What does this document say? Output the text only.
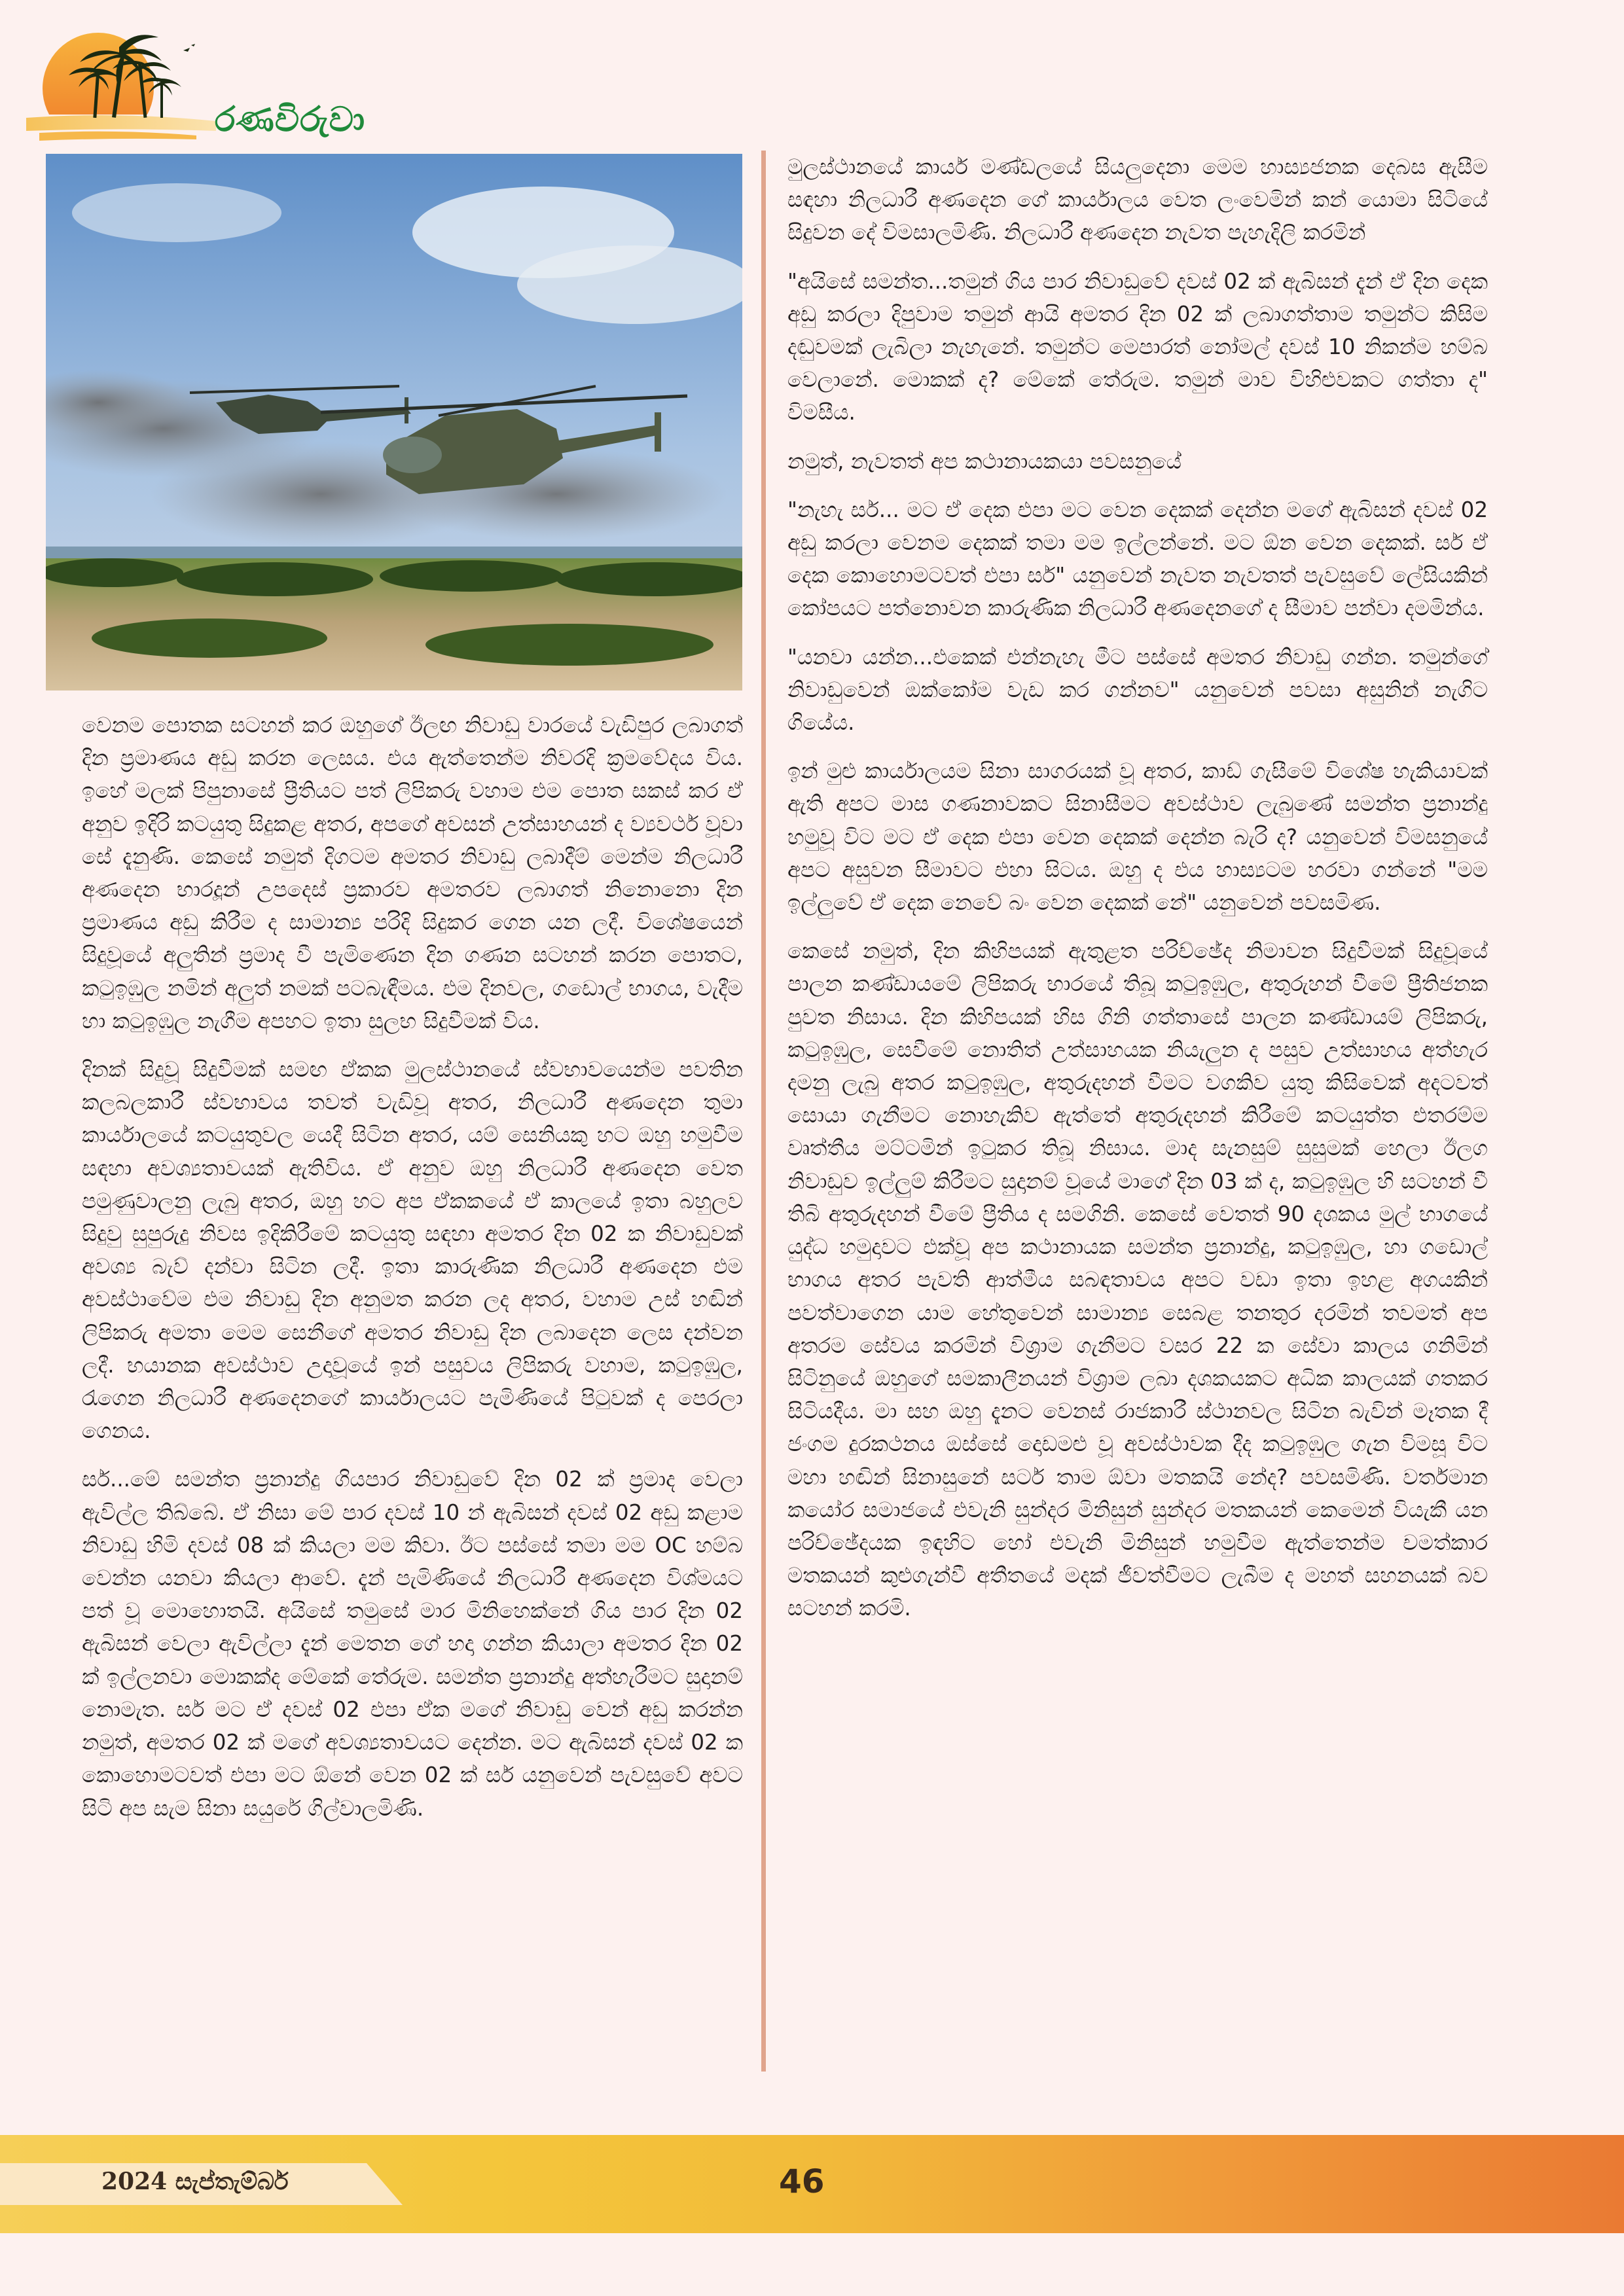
රණවිරුවා

වෙනම පොතක සටහන් කර ඔහුගේ ඊලඟ නිවාඩු වාරයේ වැඩිපුර ලබාගත් දින ප්‍රමාණය අඩු කරන ලෙසය. එය ඇත්තෙන්ම නිවරදි ක්‍රමවේදය විය. ඉහේ මලක් පිපුනාසේ ප්‍රීතියට පත් ලිපිකරු වහාම එම පොත සකස් කර ඒ අනුව ඉදිරි කටයුතු සිදුකළ අතර, අපගේ අවසන් උත්සාහයන් ද ව්‍යවර්ථ වූවා සේ දැනුණි. කෙසේ නමුත් දිගටම අමතර නිවාඩු ලබාදීම් මෙන්ම නිලධාරී අණදෙන භාරදූන් උපදෙස් ප්‍රකාරව අමතරව ලබාගත් නිනොනො දින ප්‍රමාණය අඩු කිරීම ද සාමාන්‍ය පරිදි සිදුකර ගෙන යන ලදී. විශේෂයෙන් සිදුවූයේ අලුතින් ප්‍රමාද වී පැමිණෙන දින ගණන සටහන් කරන පොතට, කටුඉඹුල නමින් අලුත් නමක් පටබැඳීමය. එම දිනවල, ගඩොල් භාගය, වැදීම හා කටුඉඹුල නැගීම අපහට ඉතා සුලභ සිදුවීමක් විය.

දිනක් සිදුවූ සිදුවීමක් සමඟ ඒකක මුලස්ථානයේ ස්වභාවයෙන්ම පවතින කලබලකාරී ස්වභාවය තවත් වැඩිවූ අතර, නිලධාරී අණදෙන තුමා කාර්යාලයේ කටයුතුවල යෙදී සිටින අතර, යම් සෙනියකු හට ඔහු හමුවීම සඳහා අවශ්‍යතාවයක් ඇතිවිය. ඒ අනුව ඔහු නිලධාරී අණදෙන වෙත පමුණුවාලනු ලැබු අතර, ඔහු හට අප ඒකකයේ ඒ කාලයේ ඉතා බහුලව සිදුවු සුපුරුදු නිවස ඉදිකිරීමේ කටයුතු සඳහා අමතර දින 02 ක නිවාඩුවක් අවශ්‍ය බැව් දන්වා සිටින ලදී. ඉතා කාරුණික නිලධාරී අණදෙන එම අවස්ථාවේම එම නිවාඩු දින අනුමත කරන ලද අතර, වහාම උස් හඬින් ලිපිකරු අමතා මෙම සෙනීගේ අමතර නිවාඩු දින ලබාදෙන ලෙස දන්වන ලදී. භයානක අවස්ථාව උදාවූයේ ඉන් පසුවය ලිපිකරු වහාම, කටුඉඹුල, රැගෙන නිලධාරී අණදෙනගේ කාර්යාලයට පැමිණියේ පිටුවක් ද පෙරලා ගෙනය.

සර්...මේ සමන්ත ප්‍රනාන්දු ගියපාර නිවාඩුවේ දින 02 ක් ප්‍රමාද වෙලා ඇවිල්ල තිබ්බේ. ඒ නිසා මේ පාර දවස් 10 න් ඇබිසන් දවස් 02 අඩු කළාම නිවාඩු හිමි දවස් 08 ක් කියලා මම කිවා. ඊට පස්සේ තමා මම OC හම්බ වෙන්න යනවා කියලා ආවේ. දැන් පැමිණියේ නිලධාරී අණදෙන විශ්මයට පත් වූ මොහොතයි. අයිසේ තමුසේ මාර මිනිහෙක්නේ ගිය පාර දින 02 ඇබිසන් වෙලා ඇවිල්ලා දැන් මෙතන ගේ හදා ගන්න කියාලා අමතර දින 02 ක් ඉල්ලනවා මොකක්ද මේකේ තේරුම. සමන්ත ප්‍රනාන්දු අත්හැරීමට සුදානම් නොමැත. සර් මට ඒ දවස් 02 එපා ඒක මගේ නිවාඩු වෙන් අඩු කරන්න නමුත්, අමතර 02 ක් මගේ අවශ්‍යතාවයට දෙන්න. මට ඇබිසන් දවස් 02 ක කොහොමටවත් එපා මට ඕනේ වෙන 02 ක් සර් යනුවෙන් පැවසුවේ අවට සිටි අප සැම සිනා සයුරේ ගිල්වාලමිණි.

මුලස්ථානයේ කාර්ය මණ්ඩලයේ සියලුදෙනා මෙම හාස්‍යජනක දෙබස ඇසීම සඳහා නිලධාරී අණදෙන ගේ කාර්යාලය වෙත ලංවෙමින් කන් යොමා සිටියේ සිදුවන දේ විමසාලමිණි. නිලධාරී අණදෙන නැවත පැහැදිලි කරමින්

"අයිසේ සමන්ත...තමුන් ගිය පාර නිවාඩුවේ දවස් 02 ක් ඇබිසන් දැන් ඒ දින දෙක අඩු කරලා දිපුවාම තමුන් ආයි අමතර දින 02 ක් ලබාගත්තාම තමුන්ට කිසිම දඬුවමක් ලැබිලා නැහැනේ. තමුන්ට මෙපාරත් නෝමල් දවස් 10 නිකන්ම හම්බ වෙලානේ. මොකක් ද? මේකේ තේරුම. තමුන් මාව විහිළුවකට ගත්තා ද" විමසීය.

නමුත්, නැවතත් අප කථානායකයා පවසනුයේ

"නැහැ සර්... මට ඒ දෙක එපා මට වෙන දෙකක් දෙන්න මගේ ඇබිසන් දවස් 02 අඩු කරලා වෙනම දෙකක් තමා මම ඉල්ලන්නේ. මට ඕන වෙන දෙකක්. සර් ඒ දෙක කොහොමටවත් එපා සර්" යනුවෙන් නැවත නැවතත් පැවසුවේ ලේසියකින් කෝපයට පත්නොවන කාරුණික නිලධාරී අණදෙනගේ ද සීමාව පන්වා දමමින්ය.

"යනවා යන්න...එකෙක් එන්නැහැ මීට පස්සේ අමතර නිවාඩු ගන්න. තමුන්ගේ නිවාඩුවෙන් ඔක්කෝම වැඩ කර ගන්නව" යනුවෙන් පවසා අසුනින් නැගිට ගියේය.

ඉන් මුළු කාර්යාලයම සිනා සාගරයක් වූ අතර, කාඩ් ගැසීමේ විශේෂ හැකියාවක් ඇති අපට මාස ගණනාවකට සිනාසීමට අවස්ථාව ලැබුණේ සමන්ත ප්‍රනාන්දු හමුවූ විට මට ඒ දෙක එපා වෙන දෙකක් දෙන්න බැරි ද? යනුවෙන් විමසනුයේ අපට අසුවන සීමාවට එහා සිටය. ඔහු ද එය හාස්‍යටම හරවා ගන්නේ "මම ඉල්ලුවේ ඒ දෙක නෙවේ බං වෙන දෙකක් නේ" යනුවෙන් පවසමිණ.

කෙසේ නමුත්, දින කිහිපයක් ඇතුළත පරිච්ඡේද නිමාවන සිදුවීමක් සිදුවූයේ පාලන කණ්ඩායමේ ලිපිකරු භාරයේ තිබූ කටුඉඹුල, අතුරුහන් වීමේ ප්‍රීතිජනක පුවත නිසාය. දින කිහිපයක් හිස ගිනි ගත්තාසේ පාලන කණ්ඩායම් ලිපිකරු, කටුඉඹුල, සෙවීමේ නොතිත් උත්සාහයක නියැලුන ද පසුව උත්සාහය අත්හැර දමනු ලැබු අතර කටුඉඹුල, අතුරුදහන් වීමට වගකිව යුතු කිසිවෙක් අදටවත් සොයා ගැනීමට නොහැකිව ඇත්තේ අතුරුදහන් කිරීමේ කටයුත්ත එතරම්ම වෘත්තීය මට්ටමින් ඉටුකර තිබූ නිසාය. මාද සැනසුම් සුසුමක් හෙලා ඊලග නිවාඩුව ඉල්ලුම් කිරීමට සුදානම් වූයේ මාගේ දින 03 ක් ද, කටුඉඹුල හි සටහන් වී තිබි අතුරුදහන් වීමේ ප්‍රීතිය ද සමගිනි. කෙසේ වෙතත් 90 දශකය මුල් භාගයේ යුද්ධ හමුදාවට එක්වූ අප කථානායක සමන්ත ප්‍රනාන්දු, කටුඉඹුල, හා ගඩොල් භාගය අතර පැවති ආත්මීය සබඳතාවය අපට වඩා ඉතා ඉහළ අගයකින් පවත්වාගෙන යාම හේතුවෙන් සාමාන්‍ය සෙබළ තනතුර දරමින් තවමත් අප අතරම සේවය කරමින් විශ්‍රාම ගැනීමට වසර 22 ක සේවා කාලය ගනිමින් සිටිනුයේ ඔහුගේ සමකාලීනයන් විශ්‍රාම ලබා දශකයකට අධික කාලයක් ගතකර සිටියදීය. මා සහ ඔහු දැනට වෙනස් රාජකාරී ස්ථානවල සිටින බැවින් මෑතක දී ජංගම දුරකථනය ඔස්සේ දොඩමළු වූ අවස්ථාවක දීද කටුඉඹුල ගැන විමසූ විට මහා හඬින් සිනාසුනේ සර්ට තාම ඕවා මතකයි නේද? පවසමිණි. වර්තමාන කයෝර සමාජයේ එවැනි සුන්දර මිනිසුන් සුන්දර මතකයන් කෙමෙන් වියැකී යන පරිච්ඡේදයක ඉඳහිට හෝ එවැනි මිනිසුන් හමුවීම ඇත්තෙන්ම චමත්කාර මතකයන් කුළුගැන්වී අතීතයේ මදක් ජීවත්වීමට ලැබීම ද මහත් සහනයක් බව සටහන් කරමි.

2024 සැප්තැම්බර්	46
